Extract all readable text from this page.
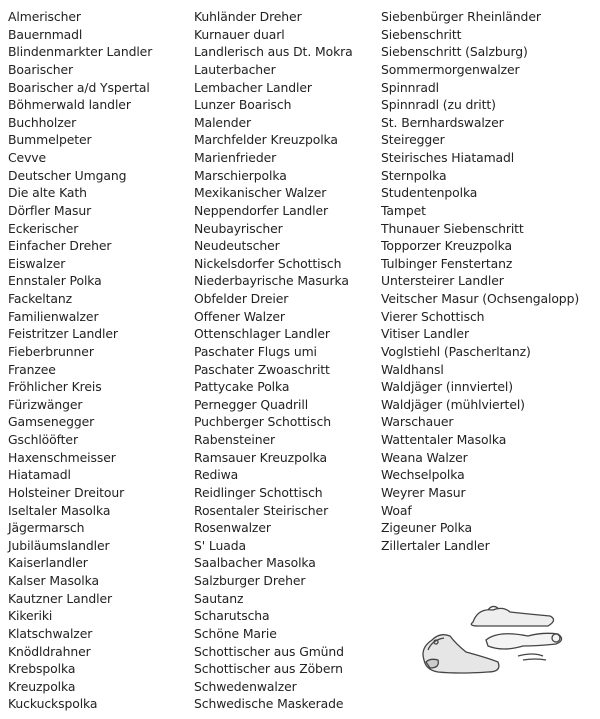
Almerischer
Bauernmadl
Blindenmarkter Landler
Boarischer
Boarischer a/d Yspertal
Böhmerwald landler
Buchholzer
Bummelpeter
Cevve
Deutscher Umgang
Die alte Kath
Dörfler Masur
Eckerischer
Einfacher Dreher
Eiswalzer
Ennstaler Polka
Fackeltanz
Familienwalzer
Feistritzer Landler
Fieberbrunner
Franzee
Fröhlicher Kreis
Fürizwänger
Gamsenegger
Gschlööfter
Haxenschmeisser
Hiatamadl
Holsteiner Dreitour
Iseltaler Masolka
Jägermarsch
Jubiläumslandler
Kaiserlandler
Kalser Masolka
Kautzner Landler
Kikeriki
Klatschwalzer
Knödldrahner
Krebspolka
Kreuzpolka
Kuckuckspolka
Kuhländer Dreher
Kurnauer duarl
Landlerisch aus Dt. Mokra
Lauterbacher
Lembacher Landler
Lunzer Boarisch
Malender
Marchfelder Kreuzpolka
Marienfrieder
Marschierpolka
Mexikanischer Walzer
Neppendorfer Landler
Neubayrischer
Neudeutscher
Nickelsdorfer Schottisch
Niederbayrische Masurka
Obfelder Dreier
Offener Walzer
Ottenschlager Landler
Paschater Flugs umi
Paschater Zwoaschritt
Pattycake Polka
Pernegger Quadrill
Puchberger Schottisch
Rabensteiner
Ramsauer Kreuzpolka
Rediwa
Reidlinger Schottisch
Rosentaler Steirischer
Rosenwalzer
S' Luada
Saalbacher Masolka
Salzburger Dreher
Sautanz
Scharutscha
Schöne Marie
Schottischer aus Gmünd
Schottischer aus Zöbern
Schwedenwalzer
Schwedische Maskerade
Siebenbürger Rheinländer
Siebenschritt
Siebenschritt (Salzburg)
Sommermorgenwalzer
Spinnradl
Spinnradl (zu dritt)
St. Bernhardswalzer
Steiregger
Steirisches Hiatamadl
Sternpolka
Studentenpolka
Tampet
Thunauer Siebenschritt
Topporzer Kreuzpolka
Tulbinger Fenstertanz
Untersteirer Landler
Veitscher Masur (Ochsengalopp)
Vierer Schottisch
Vitiser Landler
Voglstiehl (Pascherltanz)
Waldhansl
Waldjäger (innviertel)
Waldjäger (mühlviertel)
Warschauer
Wattentaler Masolka
Weana Walzer
Wechselpolka
Weyrer Masur
Woaf
Zigeuner Polka
Zillertaler Landler
